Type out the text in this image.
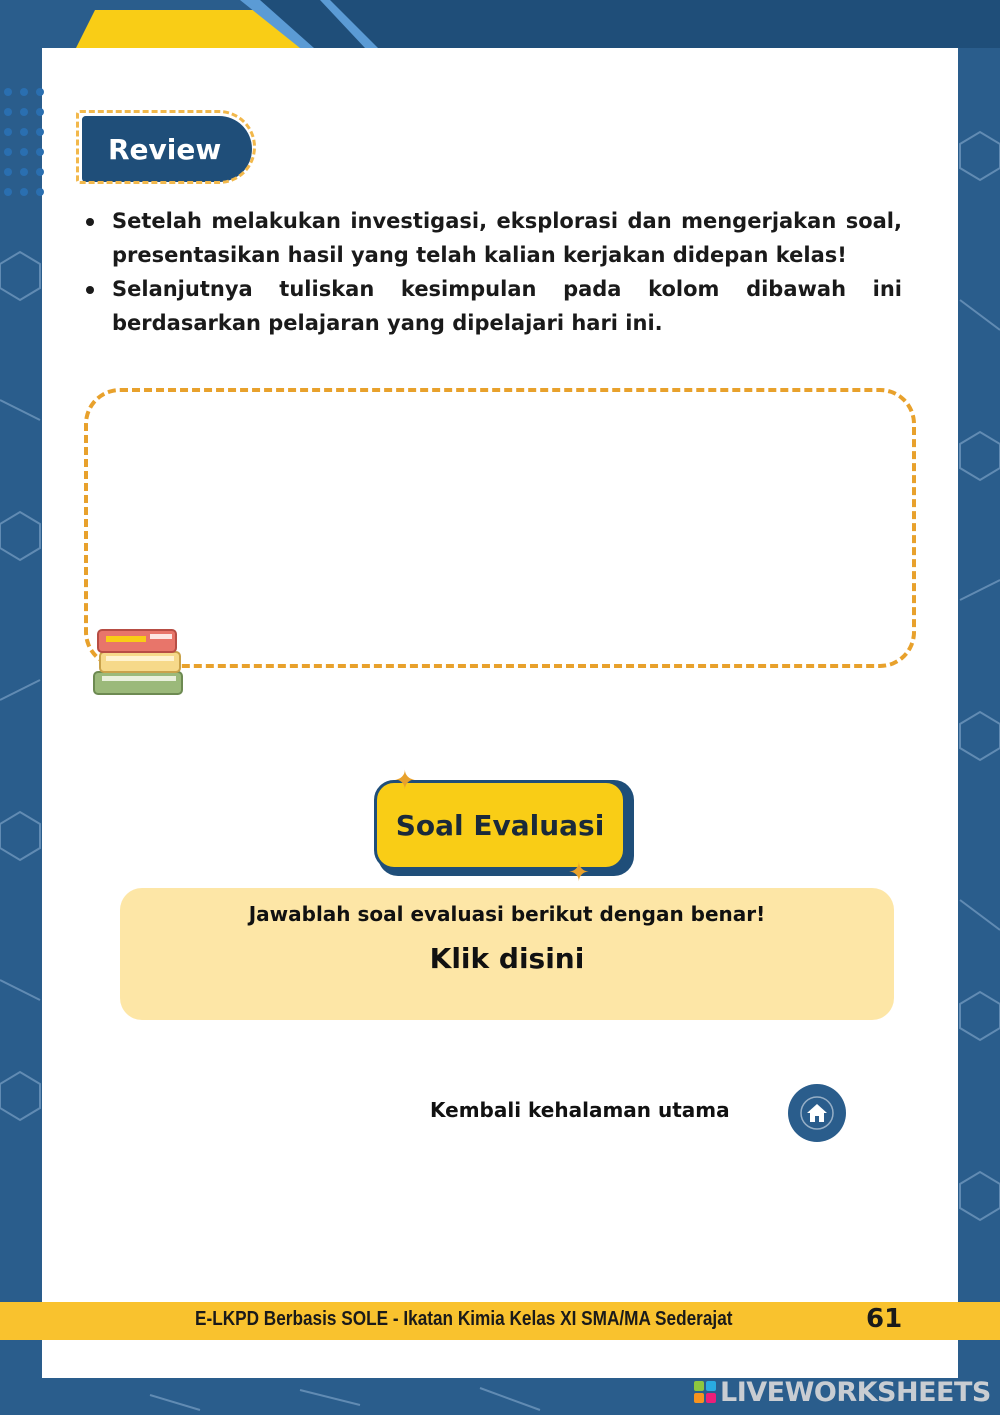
Review
Setelah melakukan investigasi, eksplorasi dan mengerjakan soal, presentasikan hasil yang telah kalian kerjakan didepan kelas!
Selanjutnya tuliskan kesimpulan pada kolom dibawah ini berdasarkan pelajaran yang dipelajari hari ini.
Soal Evaluasi
✦
✦
Jawablah soal evaluasi berikut dengan benar!
Klik disini
Kembali kehalaman utama
E-LKPD Berbasis SOLE - Ikatan Kimia Kelas XI SMA/MA Sederajat	61
LIVEWORKSHEETS
